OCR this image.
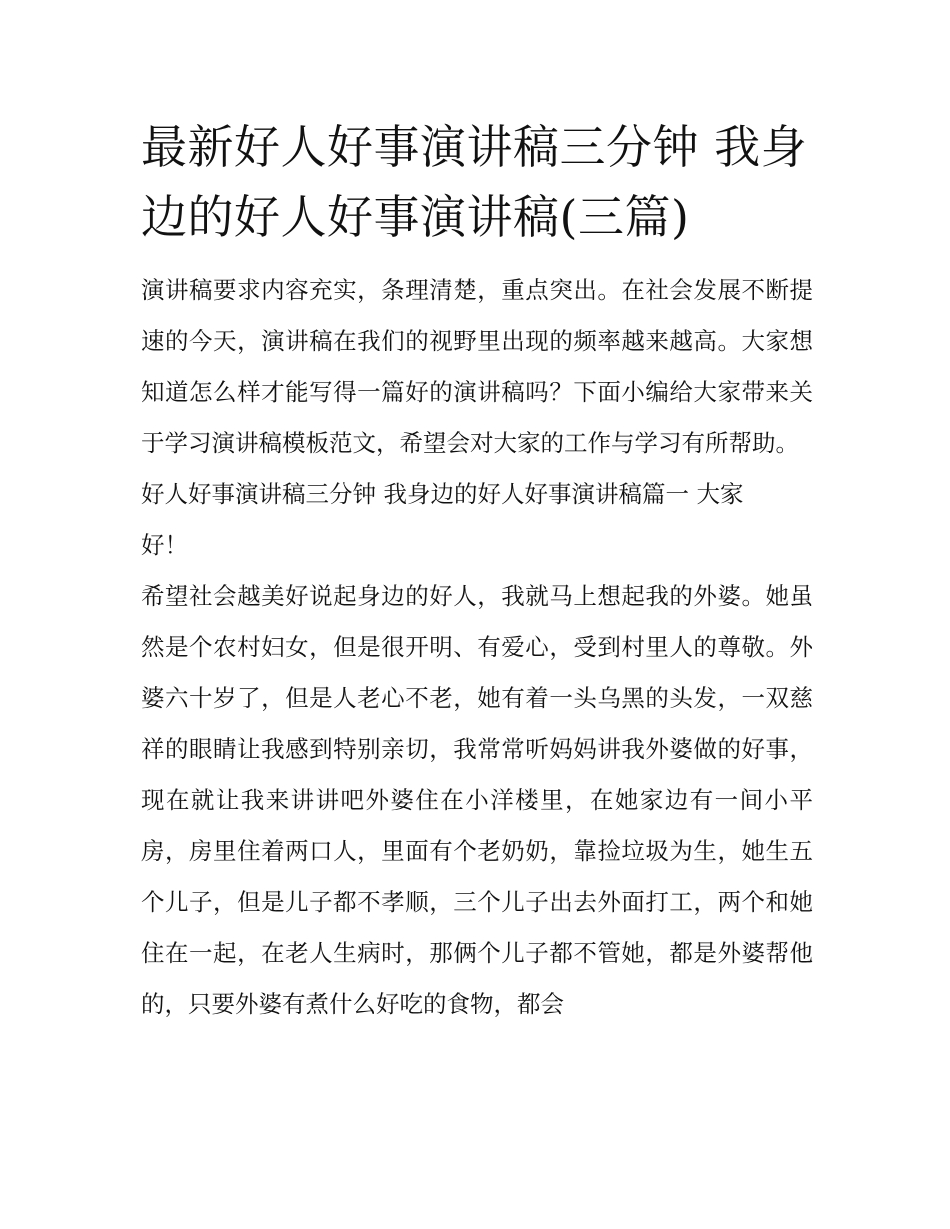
最新好人好事演讲稿三分钟 我身边的好人好事演讲稿(三篇)

演讲稿要求内容充实，条理清楚，重点突出。在社会发展不断提速的今天，演讲稿在我们的视野里出现的频率越来越高。大家想知道怎么样才能写得一篇好的演讲稿吗？下面小编给大家带来关于学习演讲稿模板范文，希望会对大家的工作与学习有所帮助。

好人好事演讲稿三分钟 我身边的好人好事演讲稿篇一 大家好！

希望社会越美好说起身边的好人，我就马上想起我的外婆。她虽然是个农村妇女，但是很开明、有爱心，受到村里人的尊敬。外婆六十岁了，但是人老心不老，她有着一头乌黑的头发，一双慈祥的眼睛让我感到特别亲切，我常常听妈妈讲我外婆做的好事，现在就让我来讲讲吧外婆住在小洋楼里，在她家边有一间小平房，房里住着两口人，里面有个老奶奶，靠捡垃圾为生，她生五个儿子，但是儿子都不孝顺，三个儿子出去外面打工，两个和她住在一起，在老人生病时，那俩个儿子都不管她，都是外婆帮他的，只要外婆有煮什么好吃的食物，都会
